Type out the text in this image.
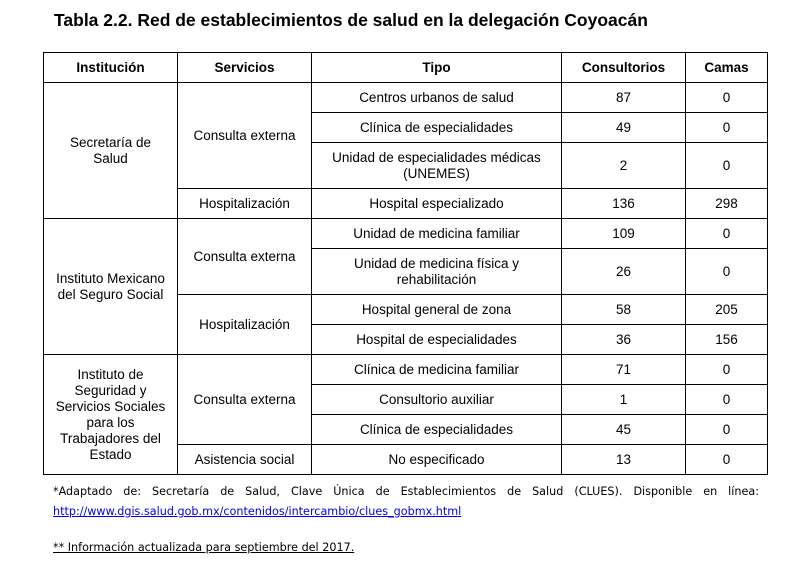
Tabla 2.2. Red de establecimientos de salud en la delegación Coyoacán
Institución	Servicios	Tipo	Consultorios	Camas
Secretaría de Salud	Consulta externa	Centros urbanos de salud	87	0
		Clínica de especialidades	49	0
		Unidad de especialidades médicas (UNEMES)	2	0
	Hospitalización	Hospital especializado	136	298
Instituto Mexicano del Seguro Social	Consulta externa	Unidad de medicina familiar	109	0
		Unidad de medicina física y rehabilitación	26	0
	Hospitalización	Hospital general de zona	58	205
		Hospital de especialidades	36	156
Instituto de Seguridad y Servicios Sociales para los Trabajadores del Estado	Consulta externa	Clínica de medicina familiar	71	0
		Consultorio auxiliar	1	0
		Clínica de especialidades	45	0
	Asistencia social	No especificado	13	0
*Adaptado de: Secretaría de Salud, Clave Única de Establecimientos de Salud (CLUES). Disponible en línea:
http://www.dgis.salud.gob.mx/contenidos/intercambio/clues_gobmx.html
** Información actualizada para septiembre del 2017.
